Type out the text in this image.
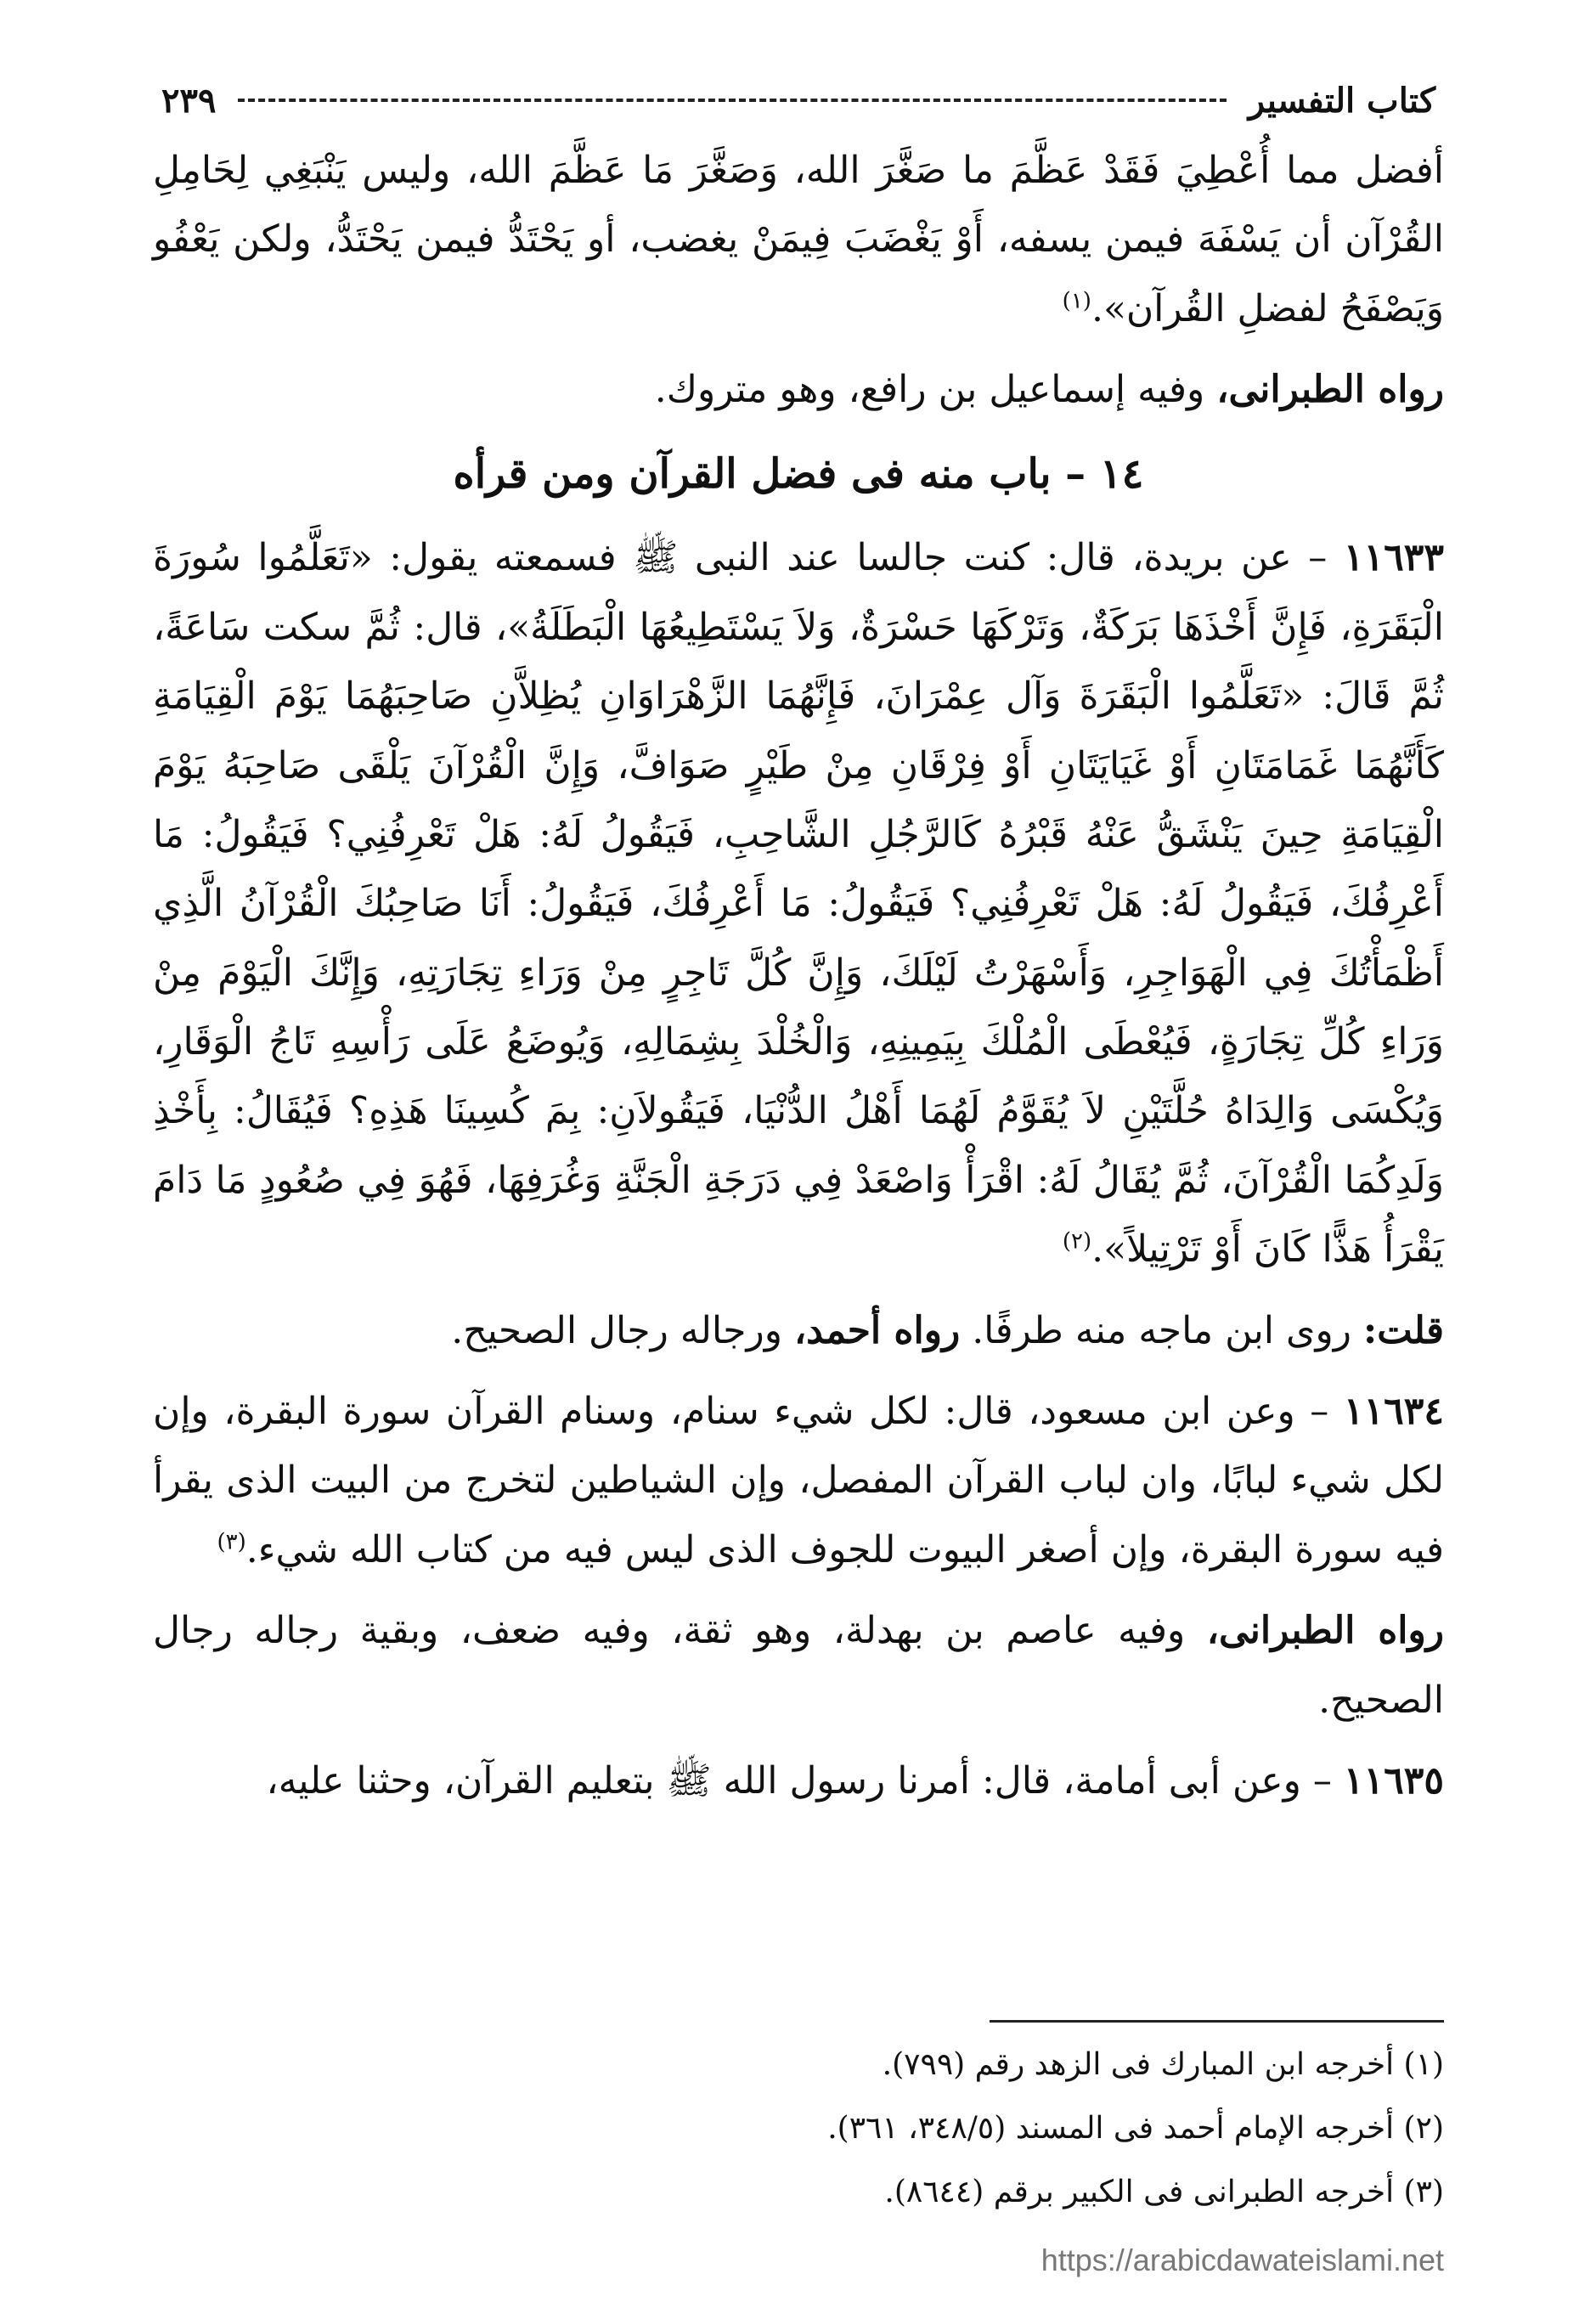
كتاب التفسير
٢٣٩

أفضل مما أُعْطِيَ فَقَدْ عَظَّمَ ما صَغَّرَ الله، وَصَغَّرَ مَا عَظَّمَ الله، وليس يَنْبَغِي لِحَامِلِ القُرْآن أن يَسْفَهَ فيمن يسفه، أَوْ يَغْضَبَ فِيمَنْ يغضب، أو يَحْتَدُّ فيمن يَحْتَدُّ، ولكن يَعْفُو وَيَصْفَحُ لفضلِ القُرآن».$^{(١)}$

رواه الطبرانى، وفيه إسماعيل بن رافع، وهو متروك.

١٤ – باب منه فى فضل القرآن ومن قرأه

١١٦٣٣ – عن بريدة، قال: كنت جالسا عند النبى ﷺ فسمعته يقول: «تَعَلَّمُوا سُورَةَ الْبَقَرَةِ، فَإِنَّ أَخْذَهَا بَرَكَةٌ، وَتَرْكَهَا حَسْرَةٌ، وَلاَ يَسْتَطِيعُهَا الْبَطَلَةُ»، قال: ثُمَّ سكت سَاعَةً، ثُمَّ قَالَ: «تَعَلَّمُوا الْبَقَرَةَ وَآل عِمْرَانَ، فَإِنَّهُمَا الزَّهْرَاوَانِ يُظِلاَّنِ صَاحِبَهُمَا يَوْمَ الْقِيَامَةِ كَأَنَّهُمَا غَمَامَتَانِ أَوْ غَيَايَتَانِ أَوْ فِرْقَانِ مِنْ طَيْرٍ صَوَافَّ، وَإِنَّ الْقُرْآنَ يَلْقَى صَاحِبَهُ يَوْمَ الْقِيَامَةِ حِينَ يَنْشَقُّ عَنْهُ قَبْرُهُ كَالرَّجُلِ الشَّاحِبِ، فَيَقُولُ لَهُ: هَلْ تَعْرِفُنِي؟ فَيَقُولُ: مَا أَعْرِفُكَ، فَيَقُولُ لَهُ: هَلْ تَعْرِفُنِي؟ فَيَقُولُ: مَا أَعْرِفُكَ، فَيَقُولُ: أَنَا صَاحِبُكَ الْقُرْآنُ الَّذِي أَظْمَأْتُكَ فِي الْهَوَاجِرِ، وَأَسْهَرْتُ لَيْلَكَ، وَإِنَّ كُلَّ تَاجِرٍ مِنْ وَرَاءِ تِجَارَتِهِ، وَإِنَّكَ الْيَوْمَ مِنْ وَرَاءِ كُلِّ تِجَارَةٍ، فَيُعْطَى الْمُلْكَ بِيَمِينِهِ، وَالْخُلْدَ بِشِمَالِهِ، وَيُوضَعُ عَلَى رَأْسِهِ تَاجُ الْوَقَارِ، وَيُكْسَى وَالِدَاهُ حُلَّتَيْنِ لاَ يُقَوَّمُ لَهُمَا أَهْلُ الدُّنْيَا، فَيَقُولاَنِ: بِمَ كُسِينَا هَذِهِ؟ فَيُقَالُ: بِأَخْذِ وَلَدِكُمَا الْقُرْآنَ، ثُمَّ يُقَالُ لَهُ: اقْرَأْ وَاصْعَدْ فِي دَرَجَةِ الْجَنَّةِ وَغُرَفِهَا، فَهُوَ فِي صُعُودٍ مَا دَامَ يَقْرَأُ هَذًّا كَانَ أَوْ تَرْتِيلاً».$^{(٢)}$

قلت: روى ابن ماجه منه طرفًا. رواه أحمد، ورجاله رجال الصحيح.

١١٦٣٤ – وعن ابن مسعود، قال: لكل شيء سنام، وسنام القرآن سورة البقرة، وإن لكل شيء لبابًا، وان لباب القرآن المفصل، وإن الشياطين لتخرج من البيت الذى يقرأ فيه سورة البقرة، وإن أصغر البيوت للجوف الذى ليس فيه من كتاب الله شيء.$^{(٣)}$

رواه الطبرانى، وفيه عاصم بن بهدلة، وهو ثقة، وفيه ضعف، وبقية رجاله رجال الصحيح.

١١٦٣٥ – وعن أبى أمامة، قال: أمرنا رسول الله ﷺ بتعليم القرآن، وحثنا عليه،

(١) أخرجه ابن المبارك فى الزهد رقم (٧٩٩).
(٢) أخرجه الإمام أحمد فى المسند (٣٤٨/٥، ٣٦١).
(٣) أخرجه الطبرانى فى الكبير برقم (٨٦٤٤).
https://arabicdawateislami.net
